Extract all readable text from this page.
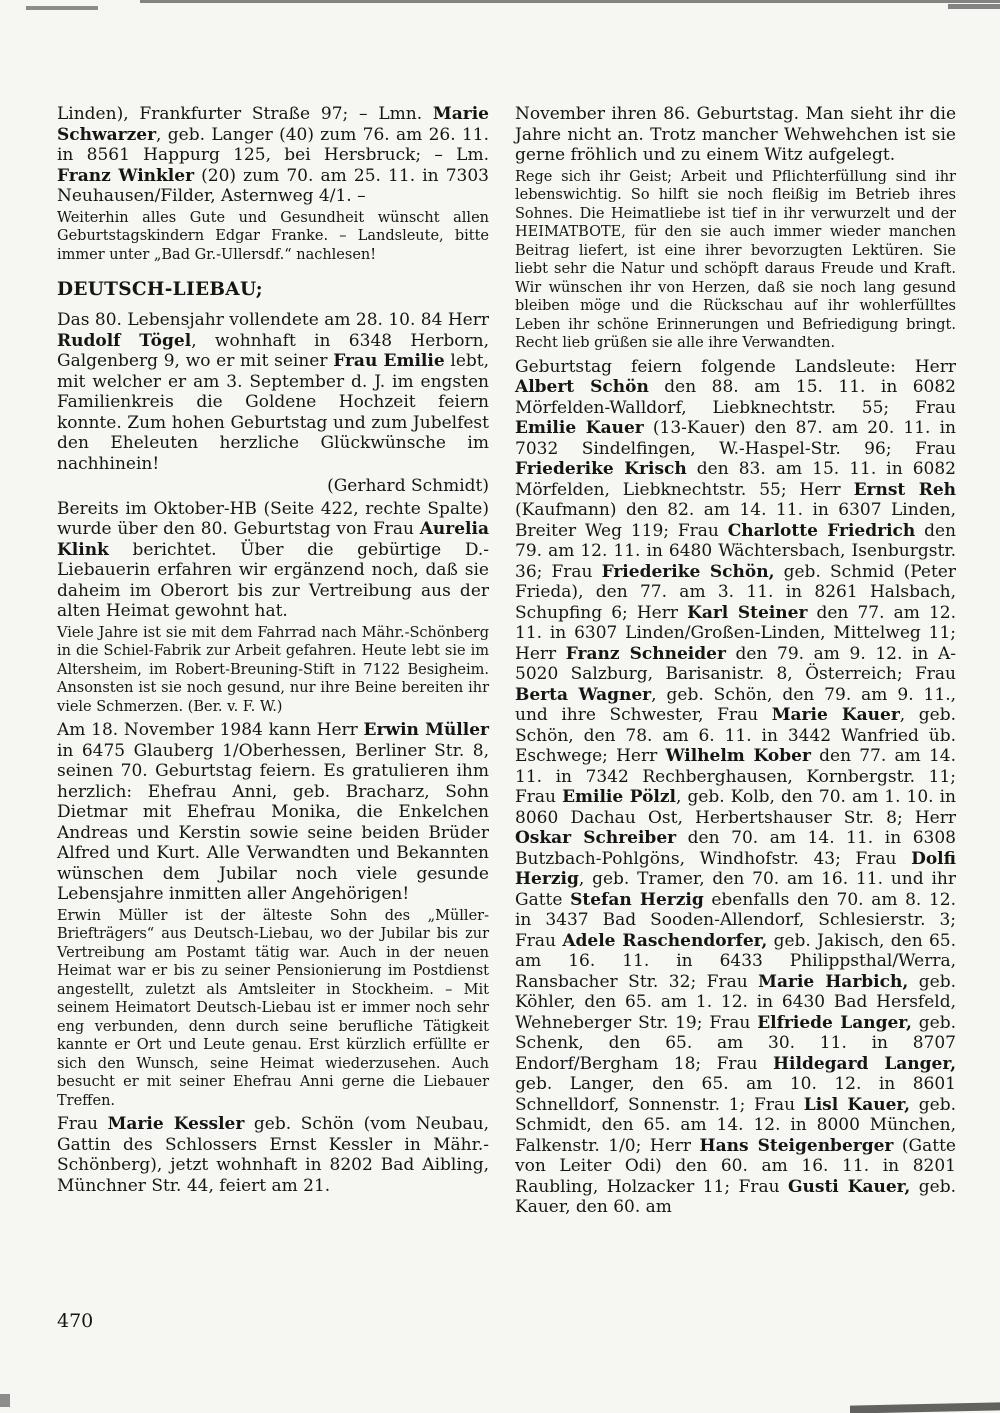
Linden), Frankfurter Straße 97; – Lmn. Marie Schwarzer, geb. Langer (40) zum 76. am 26. 11. in 8561 Happurg 125, bei Hersbruck; – Lm. Franz Winkler (20) zum 70. am 25. 11. in 7303 Neuhausen/Filder, Asternweg 4/1. –

Weiterhin alles Gute und Gesundheit wünscht allen Geburtstagskindern Edgar Franke. – Landsleute, bitte immer unter „Bad Gr.-Ullersdf.“ nachlesen!

DEUTSCH-LIEBAU;

Das 80. Lebensjahr vollendete am 28. 10. 84 Herr Rudolf Tögel, wohnhaft in 6348 Herborn, Galgenberg 9, wo er mit seiner Frau Emilie lebt, mit welcher er am 3. September d. J. im engsten Familienkreis die Goldene Hochzeit feiern konnte. Zum hohen Geburtstag und zum Jubelfest den Eheleuten herzliche Glückwünsche im nachhinein!

(Gerhard Schmidt)

Bereits im Oktober-HB (Seite 422, rechte Spalte) wurde über den 80. Geburtstag von Frau Aurelia Klink berichtet. Über die gebürtige D.-Liebauerin erfahren wir ergänzend noch, daß sie daheim im Oberort bis zur Vertreibung aus der alten Heimat gewohnt hat.

Viele Jahre ist sie mit dem Fahrrad nach Mähr.-Schönberg in die Schiel-Fabrik zur Arbeit gefahren. Heute lebt sie im Altersheim, im Robert-Breuning-Stift in 7122 Besigheim. Ansonsten ist sie noch gesund, nur ihre Beine bereiten ihr viele Schmerzen. (Ber. v. F. W.)

Am 18. November 1984 kann Herr Erwin Müller in 6475 Glauberg 1/Oberhessen, Berliner Str. 8, seinen 70. Geburtstag feiern. Es gratulieren ihm herzlich: Ehefrau Anni, geb. Bracharz, Sohn Dietmar mit Ehefrau Monika, die Enkelchen Andreas und Kerstin sowie seine beiden Brüder Alfred und Kurt. Alle Verwandten und Bekannten wünschen dem Jubilar noch viele gesunde Lebensjahre inmitten aller Angehörigen!

Erwin Müller ist der älteste Sohn des „Müller-Briefträgers“ aus Deutsch-Liebau, wo der Jubilar bis zur Vertreibung am Postamt tätig war. Auch in der neuen Heimat war er bis zu seiner Pensionierung im Postdienst angestellt, zuletzt als Amtsleiter in Stockheim. – Mit seinem Heimatort Deutsch-Liebau ist er immer noch sehr eng verbunden, denn durch seine berufliche Tätigkeit kannte er Ort und Leute genau. Erst kürzlich erfüllte er sich den Wunsch, seine Heimat wiederzusehen. Auch besucht er mit seiner Ehefrau Anni gerne die Liebauer Treffen.

Frau Marie Kessler geb. Schön (vom Neubau, Gattin des Schlossers Ernst Kessler in Mähr.-Schönberg), jetzt wohnhaft in 8202 Bad Aibling, Münchner Str. 44, feiert am 21.

November ihren 86. Geburtstag. Man sieht ihr die Jahre nicht an. Trotz mancher Wehwehchen ist sie gerne fröhlich und zu einem Witz aufgelegt.

Rege sich ihr Geist; Arbeit und Pflichterfüllung sind ihr lebenswichtig. So hilft sie noch fleißig im Betrieb ihres Sohnes. Die Heimatliebe ist tief in ihr verwurzelt und der HEIMATBOTE, für den sie auch immer wieder manchen Beitrag liefert, ist eine ihrer bevorzugten Lektüren. Sie liebt sehr die Natur und schöpft daraus Freude und Kraft. Wir wünschen ihr von Herzen, daß sie noch lang gesund bleiben möge und die Rückschau auf ihr wohlerfülltes Leben ihr schöne Erinnerungen und Befriedigung bringt. Recht lieb grüßen sie alle ihre Verwandten.

Geburtstag feiern folgende Landsleute: Herr Albert Schön den 88. am 15. 11. in 6082 Mörfelden-Walldorf, Liebknechtstr. 55; Frau Emilie Kauer (13-Kauer) den 87. am 20. 11. in 7032 Sindelfingen, W.-Haspel-Str. 96; Frau Friederike Krisch den 83. am 15. 11. in 6082 Mörfelden, Liebknechtstr. 55; Herr Ernst Reh (Kaufmann) den 82. am 14. 11. in 6307 Linden, Breiter Weg 119; Frau Charlotte Friedrich den 79. am 12. 11. in 6480 Wächtersbach, Isenburgstr. 36; Frau Friederike Schön, geb. Schmid (Peter Frieda), den 77. am 3. 11. in 8261 Halsbach, Schupfing 6; Herr Karl Steiner den 77. am 12. 11. in 6307 Linden/Großen-Linden, Mittelweg 11; Herr Franz Schneider den 79. am 9. 12. in A-5020 Salzburg, Barisanistr. 8, Österreich; Frau Berta Wagner, geb. Schön, den 79. am 9. 11., und ihre Schwester, Frau Marie Kauer, geb. Schön, den 78. am 6. 11. in 3442 Wanfried üb. Eschwege; Herr Wilhelm Kober den 77. am 14. 11. in 7342 Rechberghausen, Kornbergstr. 11; Frau Emilie Pölzl, geb. Kolb, den 70. am 1. 10. in 8060 Dachau Ost, Herbertshauser Str. 8; Herr Oskar Schreiber den 70. am 14. 11. in 6308 Butzbach-Pohlgöns, Windhofstr. 43; Frau Dolfi Herzig, geb. Tramer, den 70. am 16. 11. und ihr Gatte Stefan Herzig ebenfalls den 70. am 8. 12. in 3437 Bad Sooden-Allendorf, Schlesierstr. 3; Frau Adele Raschendorfer, geb. Jakisch, den 65. am 16. 11. in 6433 Philippsthal/Werra, Ransbacher Str. 32; Frau Marie Harbich, geb. Köhler, den 65. am 1. 12. in 6430 Bad Hersfeld, Wehneberger Str. 19; Frau Elfriede Langer, geb. Schenk, den 65. am 30. 11. in 8707 Endorf/Bergham 18; Frau Hildegard Langer, geb. Langer, den 65. am 10. 12. in 8601 Schnelldorf, Sonnenstr. 1; Frau Lisl Kauer, geb. Schmidt, den 65. am 14. 12. in 8000 München, Falkenstr. 1/0; Herr Hans Steigenberger (Gatte von Leiter Odi) den 60. am 16. 11. in 8201 Raubling, Holzacker 11; Frau Gusti Kauer, geb. Kauer, den 60. am

470
